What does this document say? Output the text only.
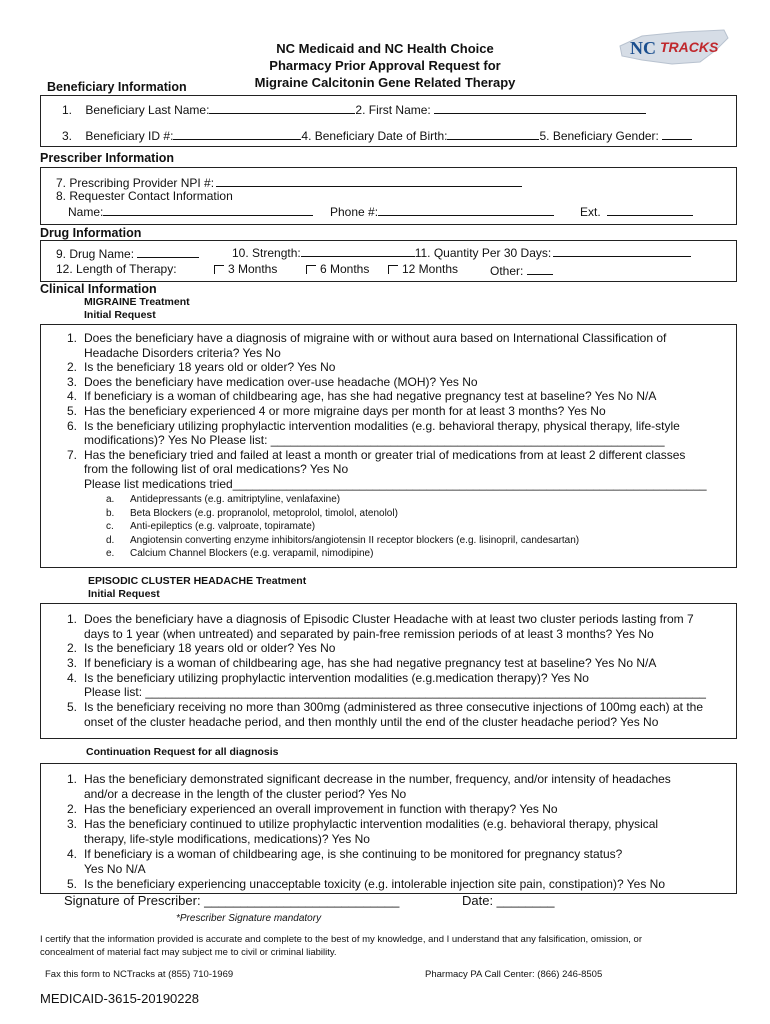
NC Medicaid and NC Health Choice
Pharmacy Prior Approval Request for
Migraine Calcitonin Gene Related Therapy
NC TRACKS
Beneficiary Information
1. Beneficiary Last Name:	2. First Name:
3. Beneficiary ID #:	4. Beneficiary Date of Birth:	5. Beneficiary Gender:
Prescriber Information
7. Prescribing Provider NPI #:
8. Requester Contact Information
Name:	Phone #:	Ext.
Drug Information
9. Drug Name:	10. Strength:	11. Quantity Per 30 Days:
12. Length of Therapy:	3 Months	6 Months	12 Months	Other:
Clinical Information
MIGRAINE Treatment
Initial Request
1. Does the beneficiary have a diagnosis of migraine with or without aura based on International Classification of
Headache Disorders criteria? Yes No
2. Is the beneficiary 18 years old or older? Yes No
3. Does the beneficiary have medication over-use headache (MOH)? Yes No
4. If beneficiary is a woman of childbearing age, has she had negative pregnancy test at baseline? Yes No N/A
5. Has the beneficiary experienced 4 or more migraine days per month for at least 3 months? Yes No
6. Is the beneficiary utilizing prophylactic intervention modalities (e.g. behavioral therapy, physical therapy, life-style
modifications)? Yes No Please list: ___________________________________________________________
7. Has the beneficiary tried and failed at least a month or greater trial of medications from at least 2 different classes
from the following list of oral medications? Yes No
Please list medications tried_______________________________________________________________________
a. Antidepressants (e.g. amitriptyline, venlafaxine)
b. Beta Blockers (e.g. propranolol, metoprolol, timolol, atenolol)
c. Anti-epileptics (e.g. valproate, topiramate)
d. Angiotensin converting enzyme inhibitors/angiotensin II receptor blockers (e.g. lisinopril, candesartan)
e. Calcium Channel Blockers (e.g. verapamil, nimodipine)
EPISODIC CLUSTER HEADACHE Treatment
Initial Request
1. Does the beneficiary have a diagnosis of Episodic Cluster Headache with at least two cluster periods lasting from 7
days to 1 year (when untreated) and separated by pain-free remission periods of at least 3 months? Yes No
2. Is the beneficiary 18 years old or older? Yes No
3. If beneficiary is a woman of childbearing age, has she had negative pregnancy test at baseline? Yes No N/A
4. Is the beneficiary utilizing prophylactic intervention modalities (e.g.medication therapy)? Yes No
Please list: ____________________________________________________________________________________
5. Is the beneficiary receiving no more than 300mg (administered as three consecutive injections of 100mg each) at the
onset of the cluster headache period, and then monthly until the end of the cluster headache period? Yes No
Continuation Request for all diagnosis
1. Has the beneficiary demonstrated significant decrease in the number, frequency, and/or intensity of headaches
and/or a decrease in the length of the cluster period? Yes No
2. Has the beneficiary experienced an overall improvement in function with therapy? Yes No
3. Has the beneficiary continued to utilize prophylactic intervention modalities (e.g. behavioral therapy, physical
therapy, life-style modifications, medications)? Yes No
4. If beneficiary is a woman of childbearing age, is she continuing to be monitored for pregnancy status?
Yes No N/A
5. Is the beneficiary experiencing unacceptable toxicity (e.g. intolerable injection site pain, constipation)? Yes No
Signature of Prescriber: ___________________________	Date: ________
*Prescriber Signature mandatory
I certify that the information provided is accurate and complete to the best of my knowledge, and I understand that any falsification, omission, or
concealment of material fact may subject me to civil or criminal liability.
Fax this form to NCTracks at (855) 710-1969	Pharmacy PA Call Center: (866) 246-8505
MEDICAID-3615-20190228
